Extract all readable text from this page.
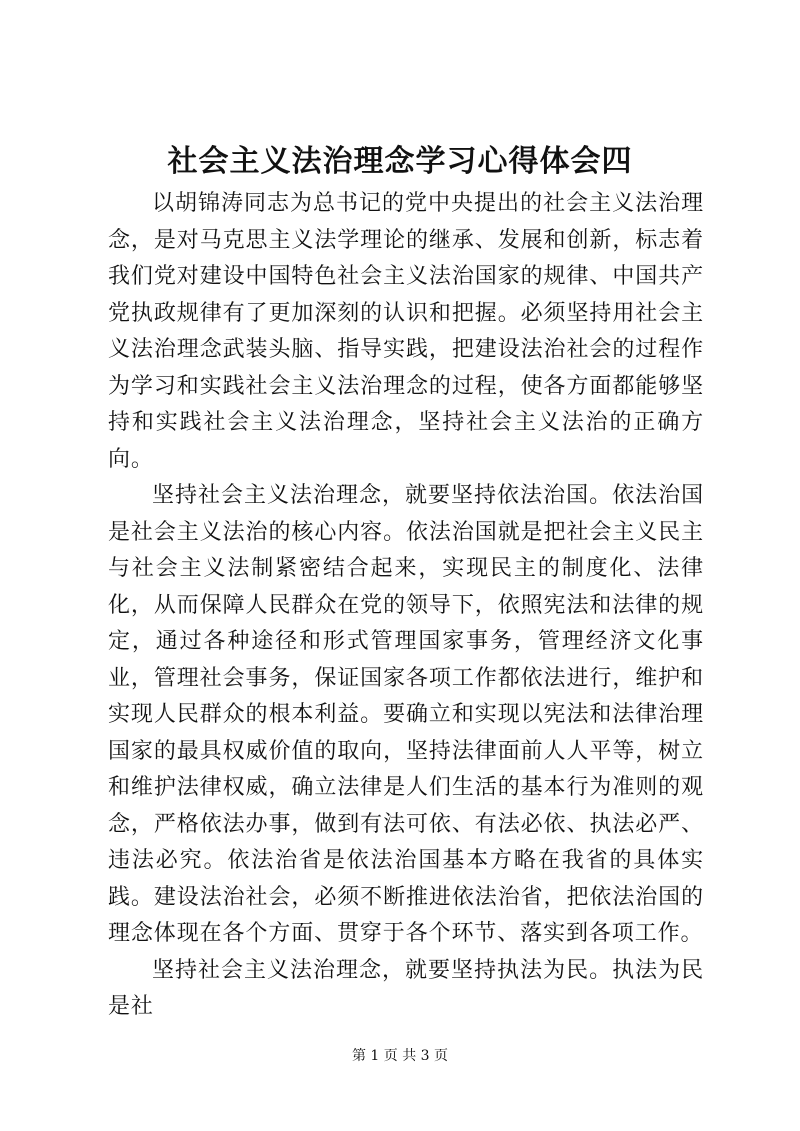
社会主义法治理念学习心得体会四

以胡锦涛同志为总书记的党中央提出的社会主义法治理念，是对马克思主义法学理论的继承、发展和创新，标志着我们党对建设中国特色社会主义法治国家的规律、中国共产党执政规律有了更加深刻的认识和把握。必须坚持用社会主义法治理念武装头脑、指导实践，把建设法治社会的过程作为学习和实践社会主义法治理念的过程，使各方面都能够坚持和实践社会主义法治理念，坚持社会主义法治的正确方向。

坚持社会主义法治理念，就要坚持依法治国。依法治国是社会主义法治的核心内容。依法治国就是把社会主义民主与社会主义法制紧密结合起来，实现民主的制度化、法律化，从而保障人民群众在党的领导下，依照宪法和法律的规定，通过各种途径和形式管理国家事务，管理经济文化事业，管理社会事务，保证国家各项工作都依法进行，维护和实现人民群众的根本利益。要确立和实现以宪法和法律治理国家的最具权威价值的取向，坚持法律面前人人平等，树立和维护法律权威，确立法律是人们生活的基本行为准则的观念，严格依法办事，做到有法可依、有法必依、执法必严、违法必究。依法治省是依法治国基本方略在我省的具体实践。建设法治社会，必须不断推进依法治省，把依法治国的理念体现在各个方面、贯穿于各个环节、落实到各项工作。

坚持社会主义法治理念，就要坚持执法为民。执法为民是社

第 1 页 共 3 页
